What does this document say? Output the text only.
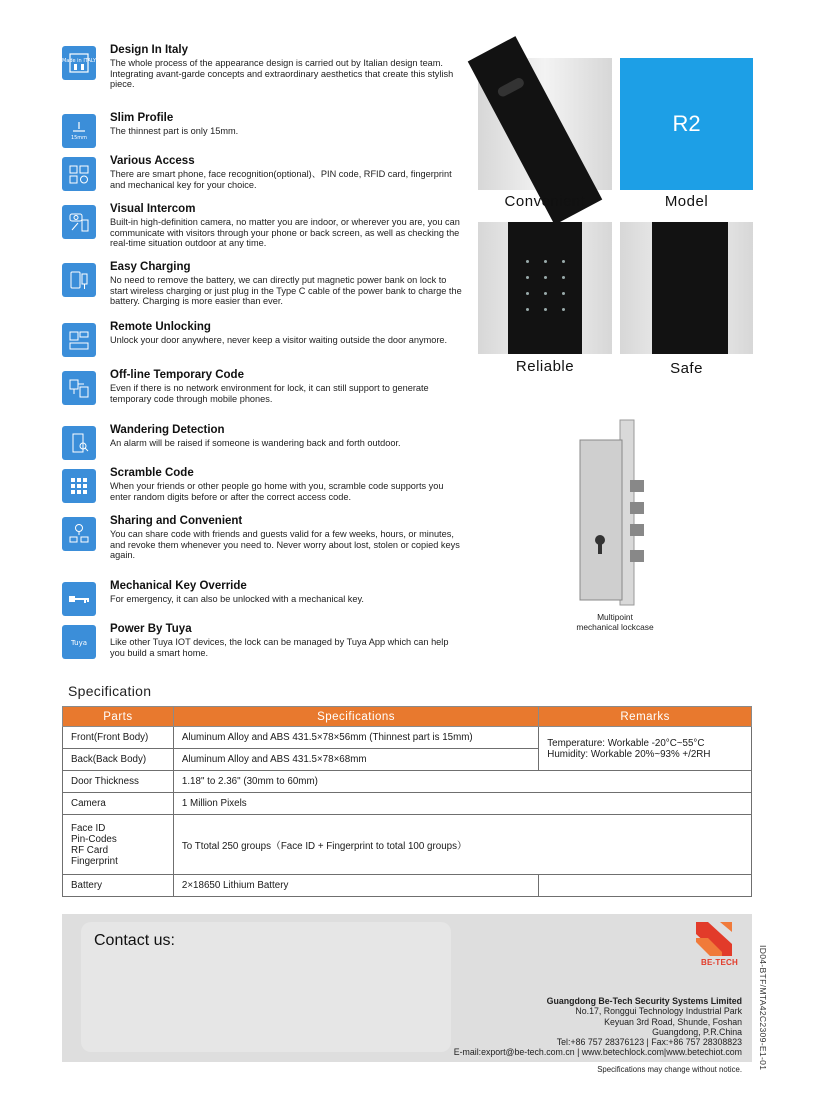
Made in ITALY
Design In Italy
The whole process of the appearance design is carried out by Italian design team. Integrating avant-garde concepts and extraordinary aesthetics that create this stylish piece.
15mm
Slim Profile
The thinnest part is only 15mm.
Various Access
There are smart phone, face recognition(optional)、PIN code, RFID card, fingerprint and mechanical key for your choice.
Visual Intercom
Built-in high-definition camera, no matter you are indoor, or wherever you are, you can communicate with visitors through your phone or back screen, as well as checking the real-time situation outdoor at any time.
Easy Charging
No need to remove the battery, we can directly put magnetic power bank on lock to start wireless charging or just plug in the Type C cable of the power bank to charge the battery. Charging is more easier than ever.
Remote Unlocking
Unlock your door anywhere, never keep a visitor waiting outside the door anymore.
Off-line Temporary Code
Even if there is no network environment for lock, it can still support to generate temporary code through mobile phones.
Wandering Detection
An alarm will be raised if someone is wandering back and forth outdoor.
Scramble Code
When your friends or other people go home with you, scramble code supports you enter random digits before or after the correct access code.
Sharing and Convenient
You can share code with friends and guests valid for a few weeks, hours, or minutes, and revoke them whenever you need to. Never worry about lost, stolen or copied keys again.
Mechanical Key Override
For emergency, it can also be unlocked with a mechanical key.
Tuya
Power By Tuya
Like other Tuya IOT devices, the lock can be managed by Tuya App which can help you build a smart home.
Convenient
R2
Model
Reliable	Safe
Multipoint
mechanical lockcase
Specification
Parts	Specifications	Remarks
Front(Front Body)	Aluminum Alloy and ABS 431.5×78×56mm (Thinnest part is 15mm)	Temperature: Workable -20°C~55°C
Humidity: Workable 20%~93% +/2RH

Back(Back Body)	Aluminum Alloy and ABS 431.5×78×68mm	
Door Thickness	1.18" to 2.36" (30mm to 60mm)	
Camera	1 Million Pixels	

Face ID
Pin-Codes
RF Card
Fingerprint	To Ttotal 250 groups（Face ID + Fingerprint to total 100 groups）	
Battery	2×18650 Lithium Battery	
Contact us:
BE-TECH
Guangdong Be-Tech Security Systems Limited
No.17, Ronggui Technology Industrial Park
Keyuan 3rd Road, Shunde, Foshan
Guangdong, P.R.China
Tel:+86 757 28376123 | Fax:+86 757 28308823
E-mail:export@be-tech.com.cn | www.betechlock.com|www.betechiot.com
Specifications may change without notice. ID04-BTF/MTA42C2309-E1-01
